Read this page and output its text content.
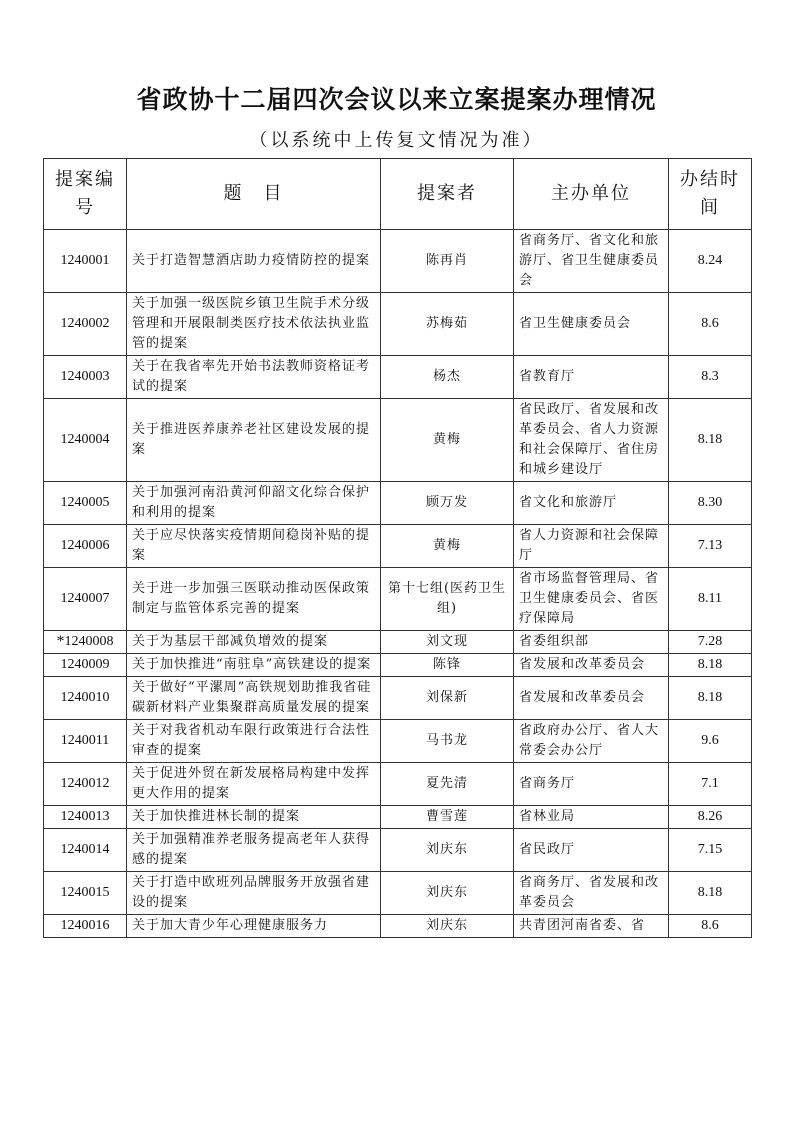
省政协十二届四次会议以来立案提案办理情况
（以系统中上传复文情况为准）
提案编号	题　目	提案者	主办单位	办结时间
1240001	关于打造智慧酒店助力疫情防控的提案	陈再肖	省商务厅、省文化和旅游厅、省卫生健康委员会	8.24
1240002	关于加强一级医院乡镇卫生院手术分级管理和开展限制类医疗技术依法执业监管的提案	苏梅茹	省卫生健康委员会	8.6
1240003	关于在我省率先开始书法教师资格证考试的提案	杨杰	省教育厅	8.3
1240004	关于推进医养康养老社区建设发展的提案	黄梅	省民政厅、省发展和改革委员会、省人力资源和社会保障厅、省住房和城乡建设厅	8.18
1240005	关于加强河南沿黄河仰韶文化综合保护和利用的提案	顾万发	省文化和旅游厅	8.30
1240006	关于应尽快落实疫情期间稳岗补贴的提案	黄梅	省人力资源和社会保障厅	7.13
1240007	关于进一步加强三医联动推动医保政策制定与监管体系完善的提案	第十七组(医药卫生组)	省市场监督管理局、省卫生健康委员会、省医疗保障局	8.11
*1240008	关于为基层干部减负增效的提案	刘文现	省委组织部	7.28
1240009	关于加快推进“南驻阜”高铁建设的提案	陈锋	省发展和改革委员会	8.18
1240010	关于做好“平漯周”高铁规划助推我省硅碳新材料产业集聚群高质量发展的提案	刘保新	省发展和改革委员会	8.18
1240011	关于对我省机动车限行政策进行合法性审查的提案	马书龙	省政府办公厅、省人大常委会办公厅	9.6
1240012	关于促进外贸在新发展格局构建中发挥更大作用的提案	夏先清	省商务厅	7.1
1240013	关于加快推进林长制的提案	曹雪莲	省林业局	8.26
1240014	关于加强精准养老服务提高老年人获得感的提案	刘庆东	省民政厅	7.15
1240015	关于打造中欧班列品牌服务开放强省建设的提案	刘庆东	省商务厅、省发展和改革委员会	8.18
1240016	关于加大青少年心理健康服务力	刘庆东	共青团河南省委、省	8.6
